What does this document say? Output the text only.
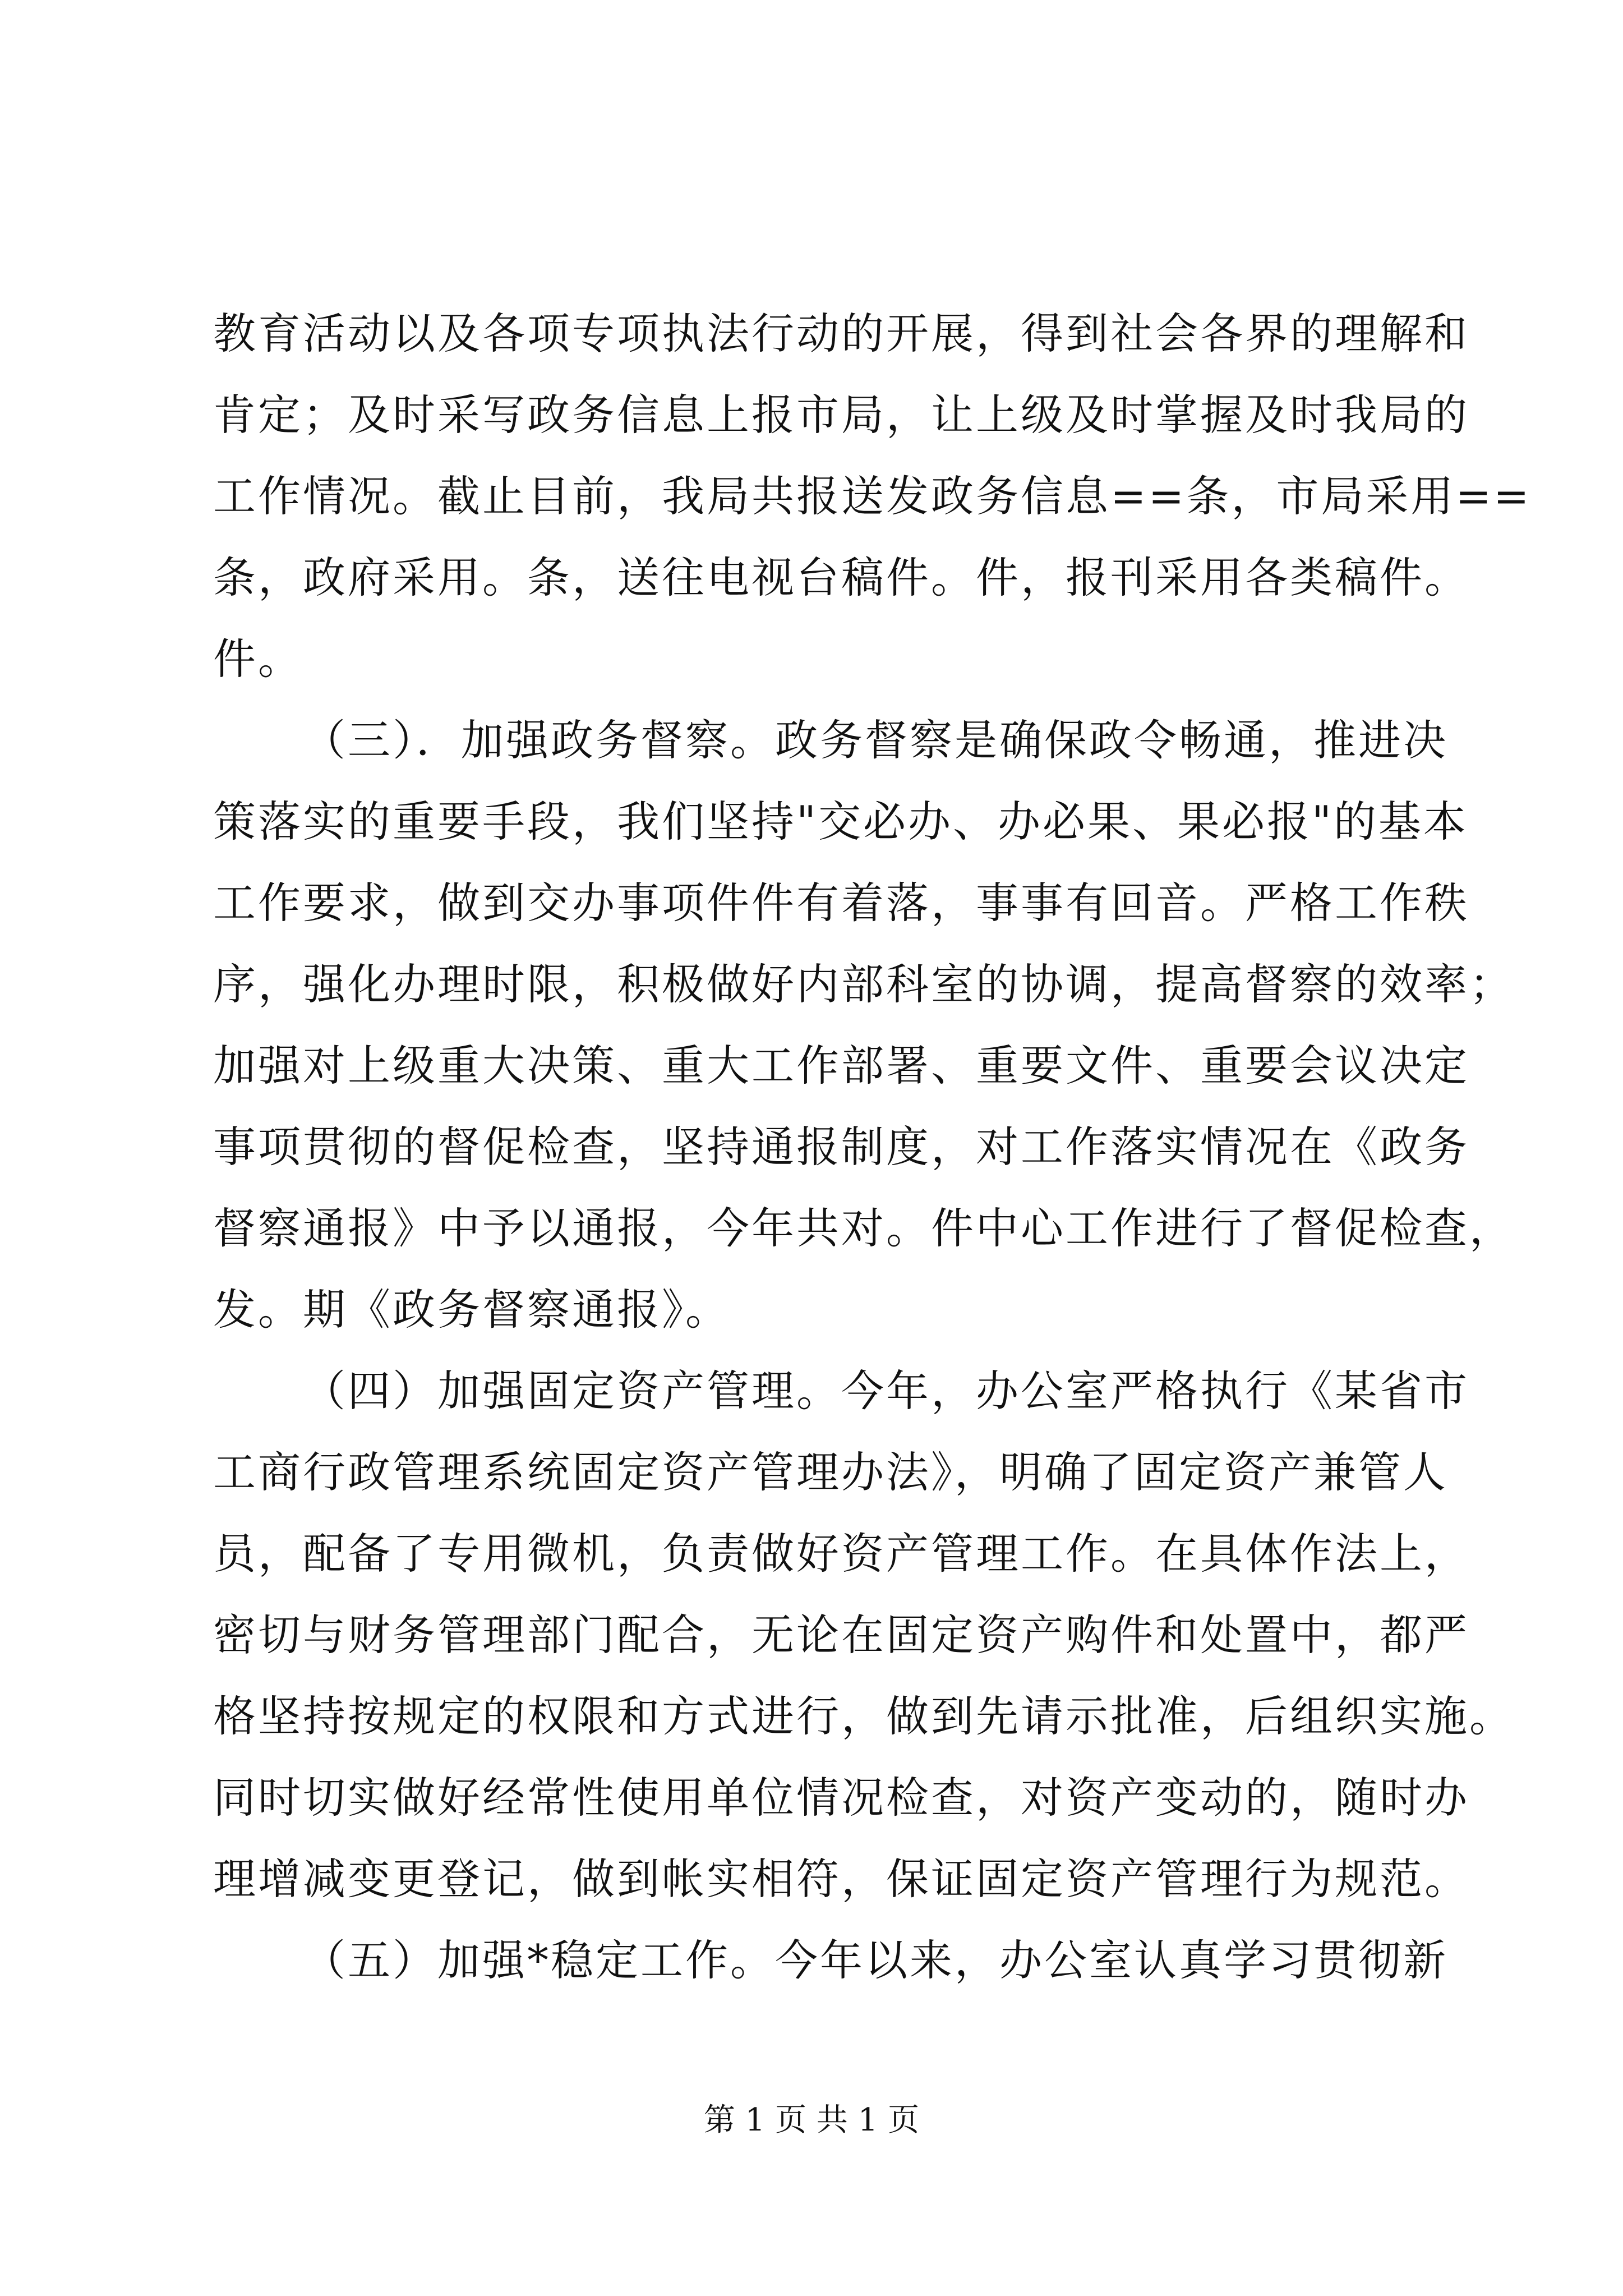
教育活动以及各项专项执法行动的开展，得到社会各界的理解和
肯定；及时采写政务信息上报市局，让上级及时掌握及时我局的
工作情况。截止目前，我局共报送发政务信息==条，市局采用==
条，政府采用。条，送往电视台稿件。件，报刊采用各类稿件。
件。
（三）．加强政务督察。政务督察是确保政令畅通，推进决
策落实的重要手段，我们坚持"交必办、办必果、果必报"的基本
工作要求，做到交办事项件件有着落，事事有回音。严格工作秩
序，强化办理时限，积极做好内部科室的协调，提高督察的效率；
加强对上级重大决策、重大工作部署、重要文件、重要会议决定
事项贯彻的督促检查，坚持通报制度，对工作落实情况在《政务
督察通报》中予以通报，今年共对。件中心工作进行了督促检查，
发。期《政务督察通报》。
（四）加强固定资产管理。今年，办公室严格执行《某省市
工商行政管理系统固定资产管理办法》，明确了固定资产兼管人
员，配备了专用微机，负责做好资产管理工作。在具体作法上，
密切与财务管理部门配合，无论在固定资产购件和处置中，都严
格坚持按规定的权限和方式进行，做到先请示批准，后组织实施。
同时切实做好经常性使用单位情况检查，对资产变动的，随时办
理增减变更登记，做到帐实相符，保证固定资产管理行为规范。
（五）加强*稳定工作。今年以来，办公室认真学习贯彻新
第 1 页 共 1 页
